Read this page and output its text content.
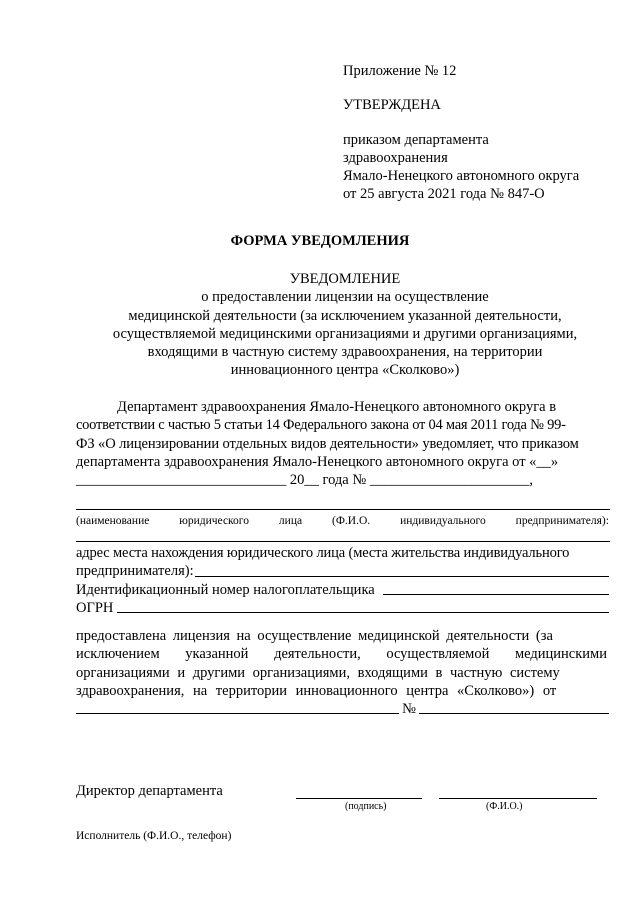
Приложение № 12
УТВЕРЖДЕНА
приказом департамента
здравоохранения
Ямало-Ненецкого автономного округа
от 25 августа 2021 года № 847-О
ФОРМА УВЕДОМЛЕНИЯ
УВЕДОМЛЕНИЕ
о предоставлении лицензии на осуществление
медицинской деятельности (за исключением указанной деятельности,
осуществляемой медицинскими организациями и другими организациями,
входящими в частную систему здравоохранения, на территории
инновационного центра «Сколково»)
Департамент здравоохранения Ямало-Ненецкого автономного округа в
соответствии с частью 5 статьи 14 Федерального закона от 04 мая 2011 года № 99-
ФЗ «О лицензировании отдельных видов деятельности» уведомляет, что приказом
департамента здравоохранения Ямало-Ненецкого автономного округа от «__»
_____________________________ 20__ года № ______________________,
(наименование	юридического	лица	(Ф.И.О.	индивидуального	предпринимателя):
адрес места нахождения юридического лица (места жительства индивидуального
предпринимателя):
Идентификационный номер налогоплательщика
ОГРН
предоставлена лицензия на осуществление медицинской деятельности (за
исключением указанной деятельности, осуществляемой медицинскими
организациями и другими организациями, входящими в частную систему
здравоохранения, на территории инновационного центра «Сколково») от
№
Директор департамента
(подпись)	(Ф.И.О.)
Исполнитель (Ф.И.О., телефон)
